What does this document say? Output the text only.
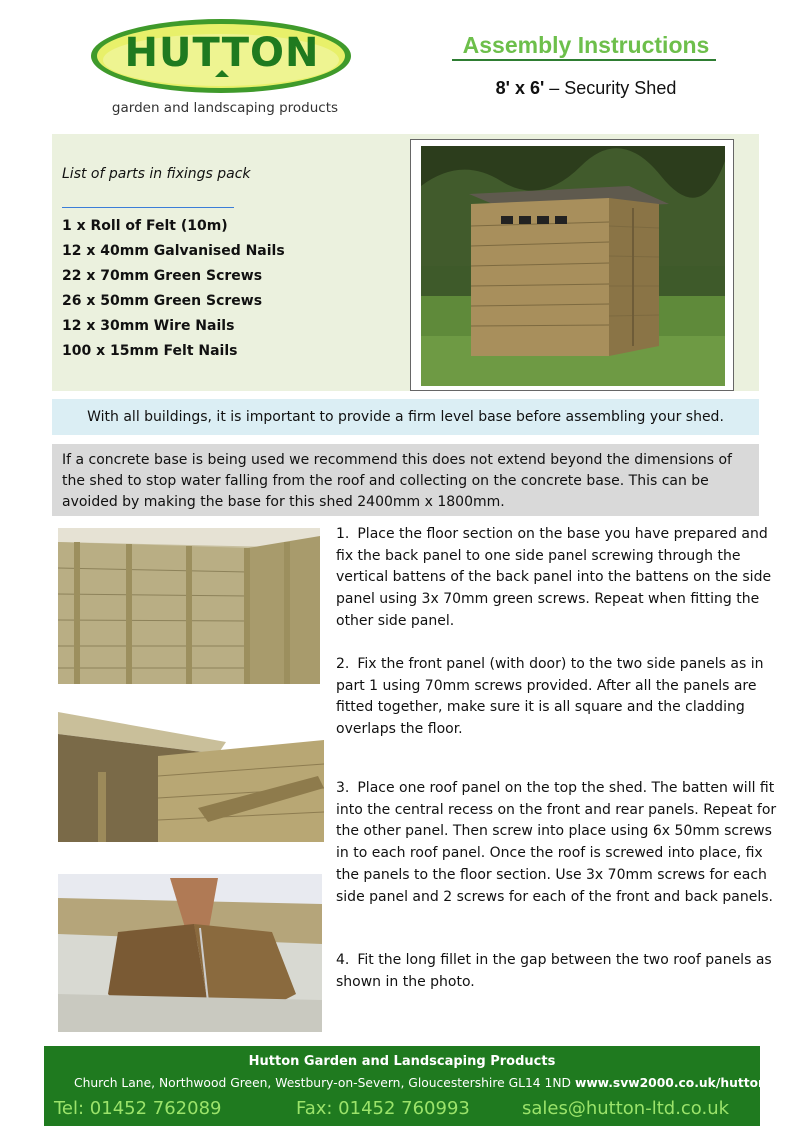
HUTTON
garden and landscaping products
Assembly Instructions
8' x 6' – Security Shed
List of parts in fixings pack
1 x Roll of Felt (10m)
12 x 40mm Galvanised Nails
22 x 70mm Green Screws
26 x 50mm Green Screws
12 x 30mm Wire Nails
100 x 15mm Felt Nails
With all buildings, it is important to provide a firm level base before assembling your shed.
If a concrete base is being used we recommend this does not extend beyond the dimensions of the shed to stop water falling from the roof and collecting on the concrete base. This can be avoided by making the base for this shed 2400mm x 1800mm.
1. Place the floor section on the base you have prepared and fix the back panel to one side panel screwing through the vertical battens of the back panel into the battens on the side panel using 3x 70mm green screws. Repeat when fitting the other side panel.
2. Fix the front panel (with door) to the two side panels as in part 1 using 70mm screws provided. After all the panels are fitted together, make sure it is all square and the cladding overlaps the floor.
3. Place one roof panel on the top the shed. The batten will fit into the central recess on the front and rear panels. Repeat for the other panel. Then screw into place using 6x 50mm screws in to each roof panel. Once the roof is screwed into place, fix the panels to the floor section. Use 3x 70mm screws for each side panel and 2 screws for each of the front and back panels.
4. Fit the long fillet in the gap between the two roof panels as shown in the photo.
Hutton Garden and Landscaping Products
Church Lane, Northwood Green, Westbury-on-Severn, Gloucestershire GL14 1ND www.svw2000.co.uk/hutton
Tel: 01452 762089	Fax: 01452 760993	sales@hutton-ltd.co.uk
